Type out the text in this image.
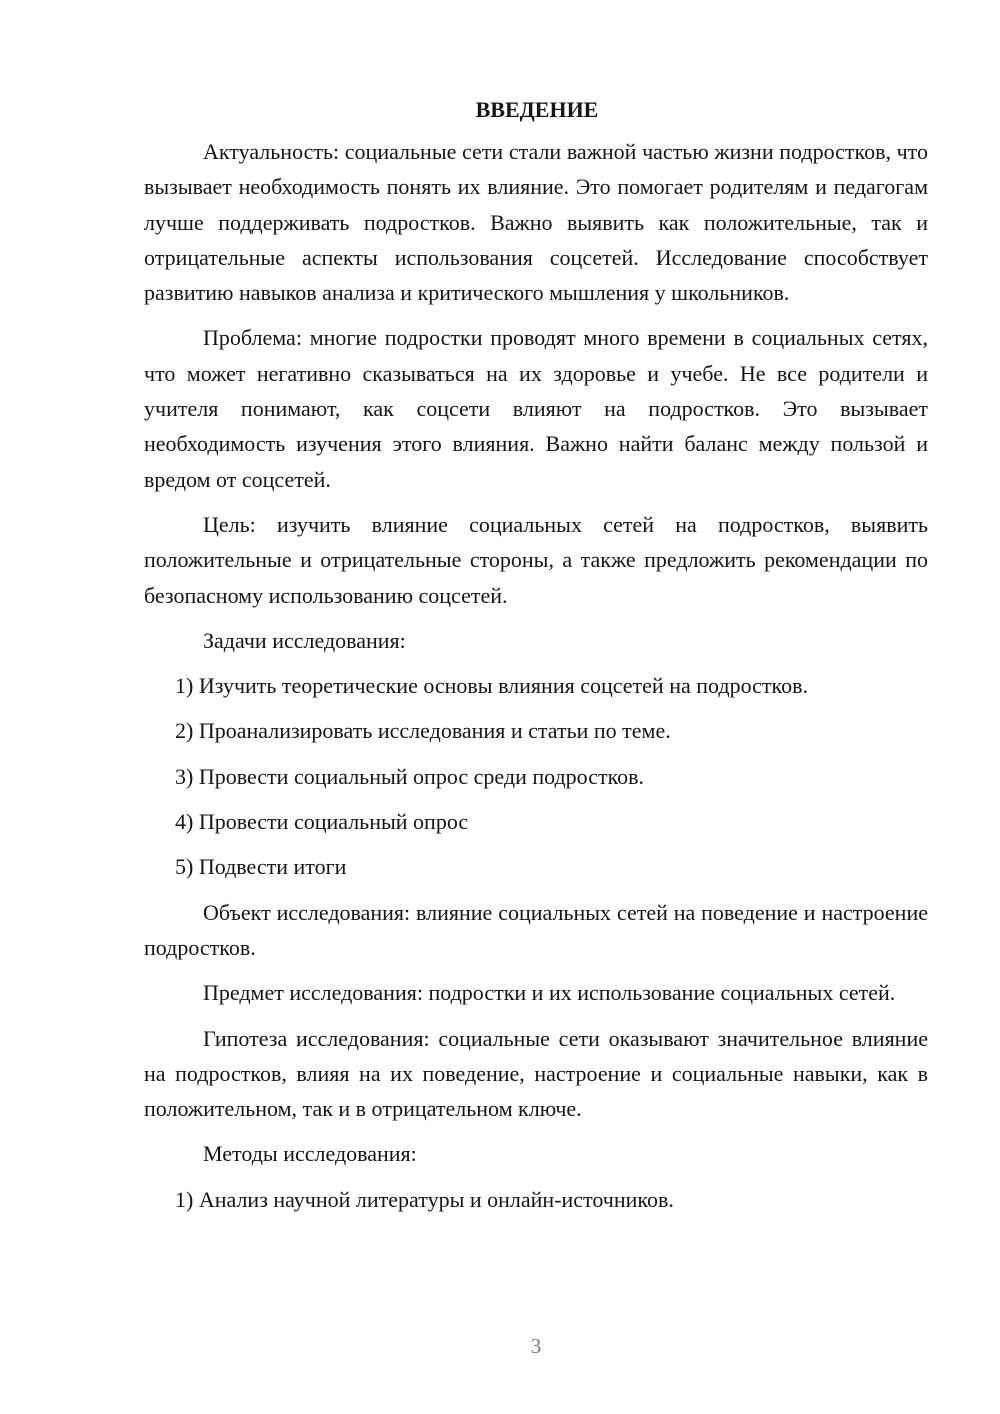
ВВЕДЕНИЕ

Актуальность: социальные сети стали важной частью жизни подростков, что вызывает необходимость понять их влияние. Это помогает родителям и педагогам лучше поддерживать подростков. Важно выявить как положительные, так и отрицательные аспекты использования соцсетей. Исследование способствует развитию навыков анализа и критического мышления у школьников.

Проблема: многие подростки проводят много времени в социальных сетях, что может негативно сказываться на их здоровье и учебе. Не все родители и учителя понимают, как соцсети влияют на подростков. Это вызывает необходимость изучения этого влияния. Важно найти баланс между пользой и вредом от соцсетей.

Цель: изучить влияние социальных сетей на подростков, выявить положительные и отрицательные стороны, а также предложить рекомендации по безопасному использованию соцсетей.

Задачи исследования:

1) Изучить теоретические основы влияния соцсетей на подростков.
2) Проанализировать исследования и статьи по теме.
3) Провести социальный опрос среди подростков.
4) Провести социальный опрос
5) Подвести итоги

Объект исследования: влияние социальных сетей на поведение и настроение подростков.

Предмет исследования: подростки и их использование социальных сетей.

Гипотеза исследования: социальные сети оказывают значительное влияние на подростков, влияя на их поведение, настроение и социальные навыки, как в положительном, так и в отрицательном ключе.

Методы исследования:

1) Анализ научной литературы и онлайн-источников.
3
